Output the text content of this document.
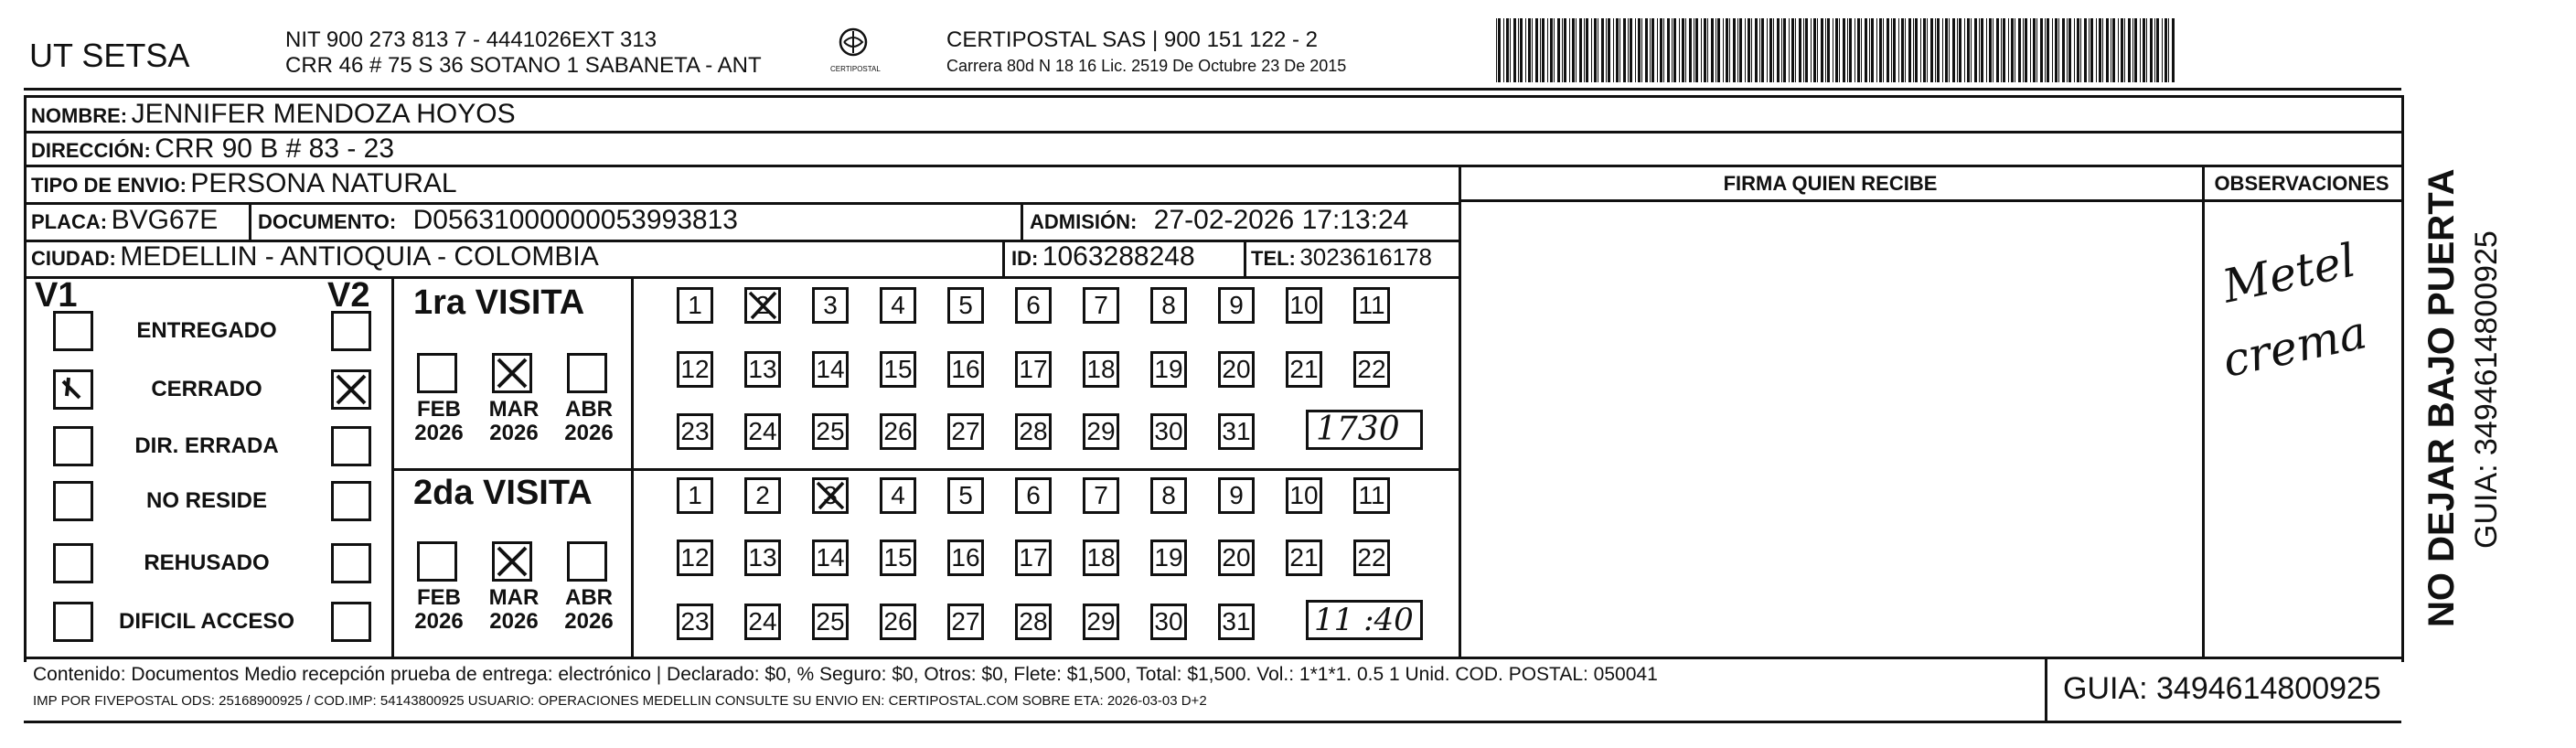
UT SETSA	NIT 900 273 813 7 - 4441026EXT 313
CRR 46 # 75 S 36 SOTANO 1 SABANETA - ANT	CERTIPOSTAL
CERTIPOSTAL SAS | 900 151 122 - 2
Carrera 80d N 18 16 Lic. 2519 De Octubre 23 De 2015
NOMBRE: JENNIFER MENDOZA HOYOS
DIRECCIÓN: CRR 90 B # 83 - 23
TIPO DE ENVIO: PERSONA NATURAL	FIRMA QUIEN RECIBE	OBSERVACIONES
PLACA: BVG67E DOCUMENTO: D05631000000053993813	ADMISIÓN: 27-02-2026 17:13:24
CIUDAD: MEDELLIN - ANTIOQUIA - COLOMBIA	ID: 1063288248	TEL: 3023616178
V1	V2
ENTREGADO
CERRADO
DIR. ERRADA
NO RESIDE
REHUSADO
DIFICIL ACCESO
1ra VISITA
2da VISITA
FEB
2026
MAR
2026
ABR
2026
FEB
2026
MAR
2026
ABR
2026
1	2	3	4	5	6	7	8	9	10 11
12 13 14 15 16 17 18 19 20 21 22
23 24 25 26 27 28 29 30 31
1	2	3	4	5	6	7	8	9	10 11
12 13 14 15 16 17 18 19 20 21 22
23 24 25 26 27 28 29 30 31
1730
11 :40
Metel
crema NO DEJAR BAJO PUERTA GUIA: 3494614800925
Contenido: Documentos Medio recepción prueba de entrega: electrónico | Declarado: $0, % Seguro: $0, Otros: $0, Flete: $1,500, Total: $1,500. Vol.: 1*1*1. 0.5 1 Unid. COD. POSTAL: 050041
IMP POR FIVEPOSTAL ODS: 25168900925 / COD.IMP: 54143800925 USUARIO: OPERACIONES MEDELLIN CONSULTE SU ENVIO EN: CERTIPOSTAL.COM SOBRE ETA: 2026-03-03 D+2	GUIA: 3494614800925
